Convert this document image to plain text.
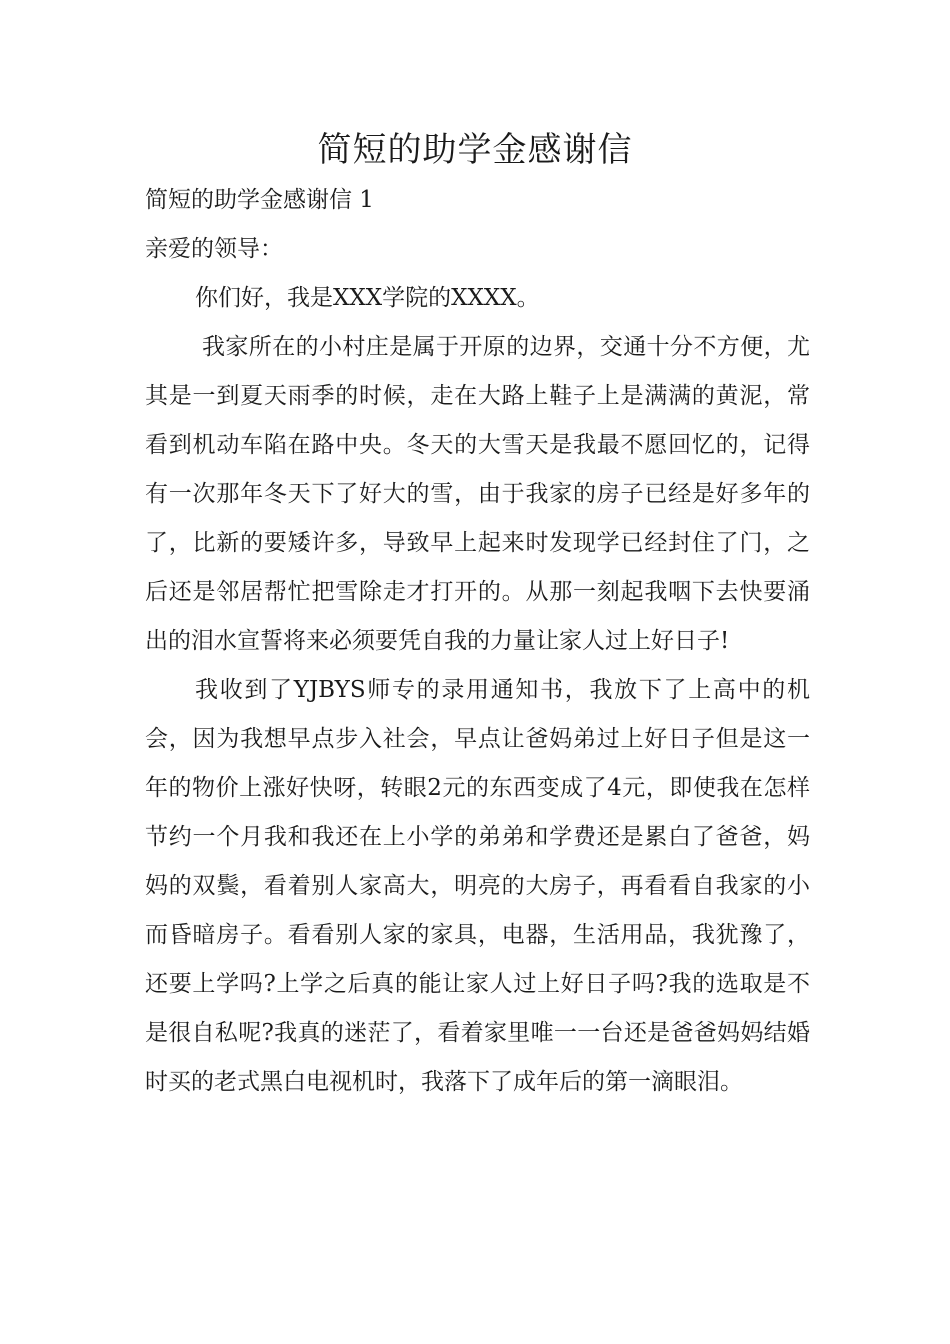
简短的助学金感谢信

简短的助学金感谢信 1

亲爱的领导：

你们好，我是XXX学院的XXXX。

我家所在的小村庄是属于开原的边界，交通十分不方便，尤其是一到夏天雨季的时候，走在大路上鞋子上是满满的黄泥，常看到机动车陷在路中央。冬天的大雪天是我最不愿回忆的，记得有一次那年冬天下了好大的雪，由于我家的房子已经是好多年的了，比新的要矮许多，导致早上起来时发现学已经封住了门，之后还是邻居帮忙把雪除走才打开的。从那一刻起我咽下去快要涌出的泪水宣誓将来必须要凭自我的力量让家人过上好日子!

我收到了YJBYS师专的录用通知书，我放下了上高中的机会，因为我想早点步入社会，早点让爸妈弟过上好日子但是这一年的物价上涨好快呀，转眼2元的东西变成了4元，即使我在怎样节约一个月我和我还在上小学的弟弟和学费还是累白了爸爸，妈妈的双鬓，看着别人家高大，明亮的大房子，再看看自我家的小而昏暗房子。看看别人家的家具，电器，生活用品，我犹豫了，还要上学吗?上学之后真的能让家人过上好日子吗?我的选取是不是很自私呢?我真的迷茫了，看着家里唯一一台还是爸爸妈妈结婚时买的老式黑白电视机时，我落下了成年后的第一滴眼泪。
